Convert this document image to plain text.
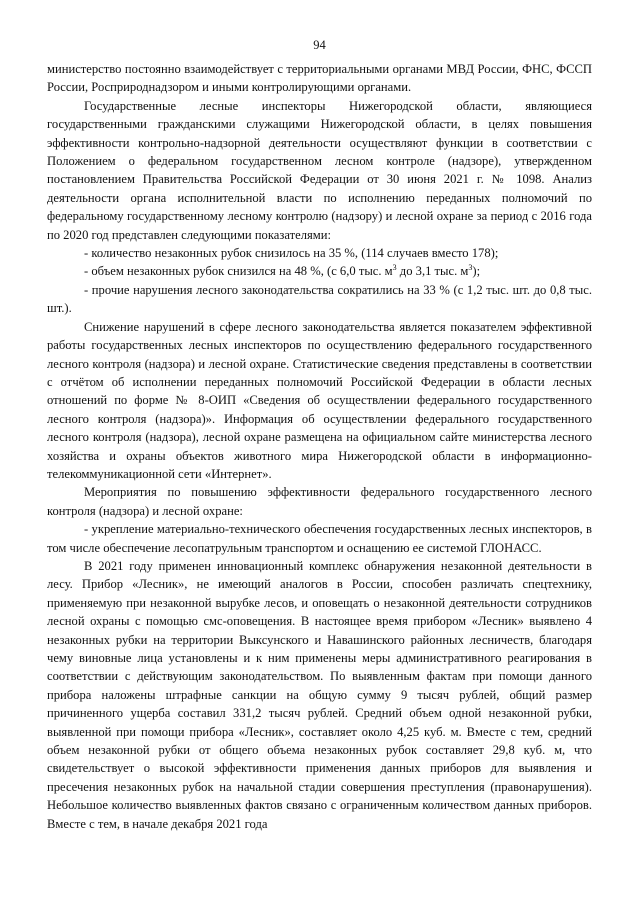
94

министерство постоянно взаимодействует с территориальными органами МВД России, ФНС, ФССП России, Росприроднадзором и иными контролирующими органами.

Государственные лесные инспекторы Нижегородской области, являющиеся государственными гражданскими служащими Нижегородской области, в целях повышения эффективности контрольно-надзорной деятельности осуществляют функции в соответствии с Положением о федеральном государственном лесном контроле (надзоре), утвержденном постановлением Правительства Российской Федерации от 30 июня 2021 г. № 1098. Анализ деятельности органа исполнительной власти по исполнению переданных полномочий по федеральному государственному лесному контролю (надзору) и лесной охране за период с 2016 года по 2020 год представлен следующими показателями:

- количество незаконных рубок снизилось на 35 %, (114 случаев вместо 178);

- объем незаконных рубок снизился на 48 %, (с 6,0 тыс. $м^3$ до 3,1 тыс. $м^3$);

- прочие нарушения лесного законодательства сократились на 33 % (с 1,2 тыс. шт. до 0,8 тыс. шт.).

Снижение нарушений в сфере лесного законодательства является показателем эффективной работы государственных лесных инспекторов по осуществлению федерального государственного лесного контроля (надзора) и лесной охране. Статистические сведения представлены в соответствии с отчётом об исполнении переданных полномочий Российской Федерации в области лесных отношений по форме № 8-ОИП «Сведения об осуществлении федерального государственного лесного контроля (надзора)». Информация об осуществлении федерального государственного лесного контроля (надзора), лесной охране размещена на официальном сайте министерства лесного хозяйства и охраны объектов животного мира Нижегородской области в информационно-телекоммуникационной сети «Интернет».

Мероприятия по повышению эффективности федерального государственного лесного контроля (надзора) и лесной охране:

- укрепление материально-технического обеспечения государственных лесных инспекторов, в том числе обеспечение лесопатрульным транспортом и оснащению ее системой ГЛОНАСС.

В 2021 году применен инновационный комплекс обнаружения незаконной деятельности в лесу. Прибор «Лесник», не имеющий аналогов в России, способен различать спецтехнику, применяемую при незаконной вырубке лесов, и оповещать о незаконной деятельности сотрудников лесной охраны с помощью смс-оповещения. В настоящее время прибором «Лесник» выявлено 4 незаконных рубки на территории Выксунского и Навашинского районных лесничеств, благодаря чему виновные лица установлены и к ним применены меры административного реагирования в соответствии с действующим законодательством. По выявленным фактам при помощи данного прибора наложены штрафные санкции на общую сумму 9 тысяч рублей, общий размер причиненного ущерба составил 331,2 тысяч рублей. Средний объем одной незаконной рубки, выявленной при помощи прибора «Лесник», составляет около 4,25 куб. м. Вместе с тем, средний объем незаконной рубки от общего объема незаконных рубок составляет 29,8 куб. м, что свидетельствует о высокой эффективности применения данных приборов для выявления и пресечения незаконных рубок на начальной стадии совершения преступления (правонарушения). Небольшое количество выявленных фактов связано с ограниченным количеством данных приборов. Вместе с тем, в начале декабря 2021 года
